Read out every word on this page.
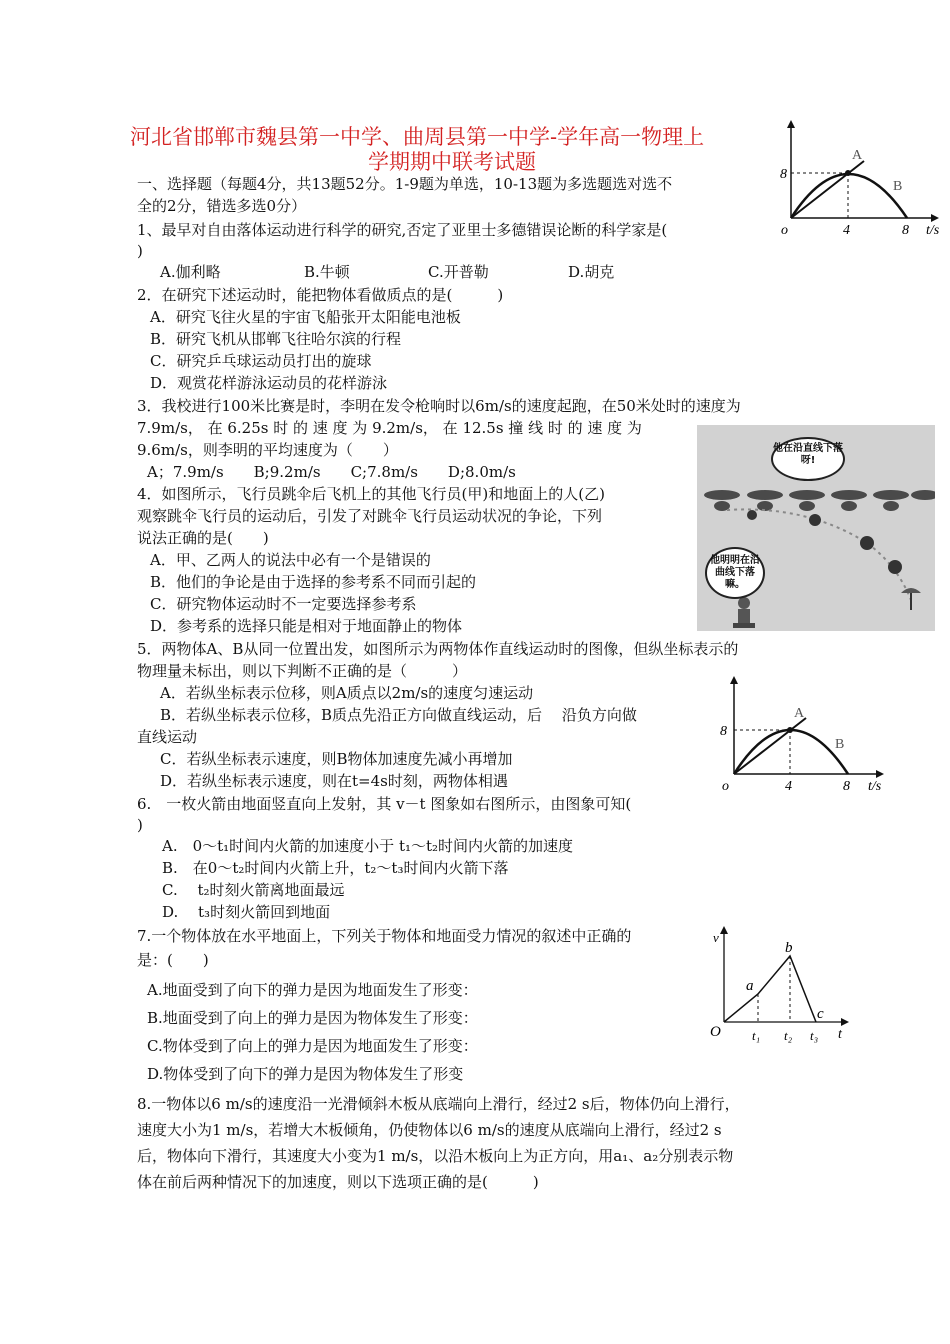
河北省邯郸市魏县第一中学、曲周县第一中学-学年高一物理上
学期期中联考试题
8
o	4	8 t/s
A
B
一、选择题（每题4分，共13题52分。1-9题为单选，10-13题为多选题选对选不
全的2分，错选多选0分）
1、最早对自由落体运动进行科学的研究,否定了亚里士多德错误论断的科学家是(
)
A.伽利略	B.牛顿	C.开普勒	D.胡克
2．在研究下述运动时，能把物体看做质点的是(　　　)
A．研究飞往火星的宇宙飞船张开太阳能电池板
B．研究飞机从邯郸飞往哈尔滨的行程
C．研究乒乓球运动员打出的旋球
D．观赏花样游泳运动员的花样游泳
3．我校进行100米比赛是时，李明在发令枪响时以6m/s的速度起跑，在50米处时的速度为
7.9m/s， 在 6.25s 时 的 速 度 为 9.2m/s， 在 12.5s 撞 线 时 的 速 度 为
9.6m/s，则李明的平均速度为（　　）
A；7.9m/s　　B;9.2m/s　　C;7.8m/s　　D;8.0m/s
他在沿直线下落呀!
他明明在沿曲线下落嘛。
4．如图所示，飞行员跳伞后飞机上的其他飞行员(甲)和地面上的人(乙)
观察跳伞飞行员的运动后，引发了对跳伞飞行员运动状况的争论，下列
说法正确的是(　　)
A．甲、乙两人的说法中必有一个是错误的
B．他们的争论是由于选择的参考系不同而引起的
C．研究物体运动时不一定要选择参考系
D．参考系的选择只能是相对于地面静止的物体
5．两物体A、B从同一位置出发，如图所示为两物体作直线运动时的图像，但纵坐标表示的
物理量未标出，则以下判断不正确的是（　　　）
A．若纵坐标表示位移，则A质点以2m/s的速度匀速运动
B．若纵坐标表示位移，B质点先沿正方向做直线运动，后　 沿负方向做
直线运动
C．若纵坐标表示速度，则B物体加速度先减小再增加
D．若纵坐标表示速度，则在t=4s时刻，两物体相遇
8
o	4	8 t/s
A
B
6.　一枚火箭由地面竖直向上发射，其 v－t 图象如右图所示，由图象可知(
)
A.　0～t₁时间内火箭的加速度小于 t₁～t₂时间内火箭的加速度
B.　在0～t₂时间内火箭上升，t₂～t₃时间内火箭下落
C.　 t₂时刻火箭离地面最远
D.　 t₃时刻火箭回到地面
7.一个物体放在水平地面上，下列关于物体和地面受力情况的叙述中正确的
是：(　　)
A.地面受到了向下的弹力是因为地面发生了形变：
B.地面受到了向上的弹力是因为物体发生了形变：
C.物体受到了向上的弹力是因为地面发生了形变：
D.物体受到了向下的弹力是因为物体发生了形变
v
O
a
b
c
t₁ t₂ t₃ t
8.一物体以6 m/s的速度沿一光滑倾斜木板从底端向上滑行，经过2 s后，物体仍向上滑行，
速度大小为1 m/s，若增大木板倾角，仍使物体以6 m/s的速度从底端向上滑行，经过2 s
后，物体向下滑行，其速度大小变为1 m/s，以沿木板向上为正方向，用a₁、a₂分别表示物
体在前后两种情况下的加速度，则以下选项正确的是(　　　)
